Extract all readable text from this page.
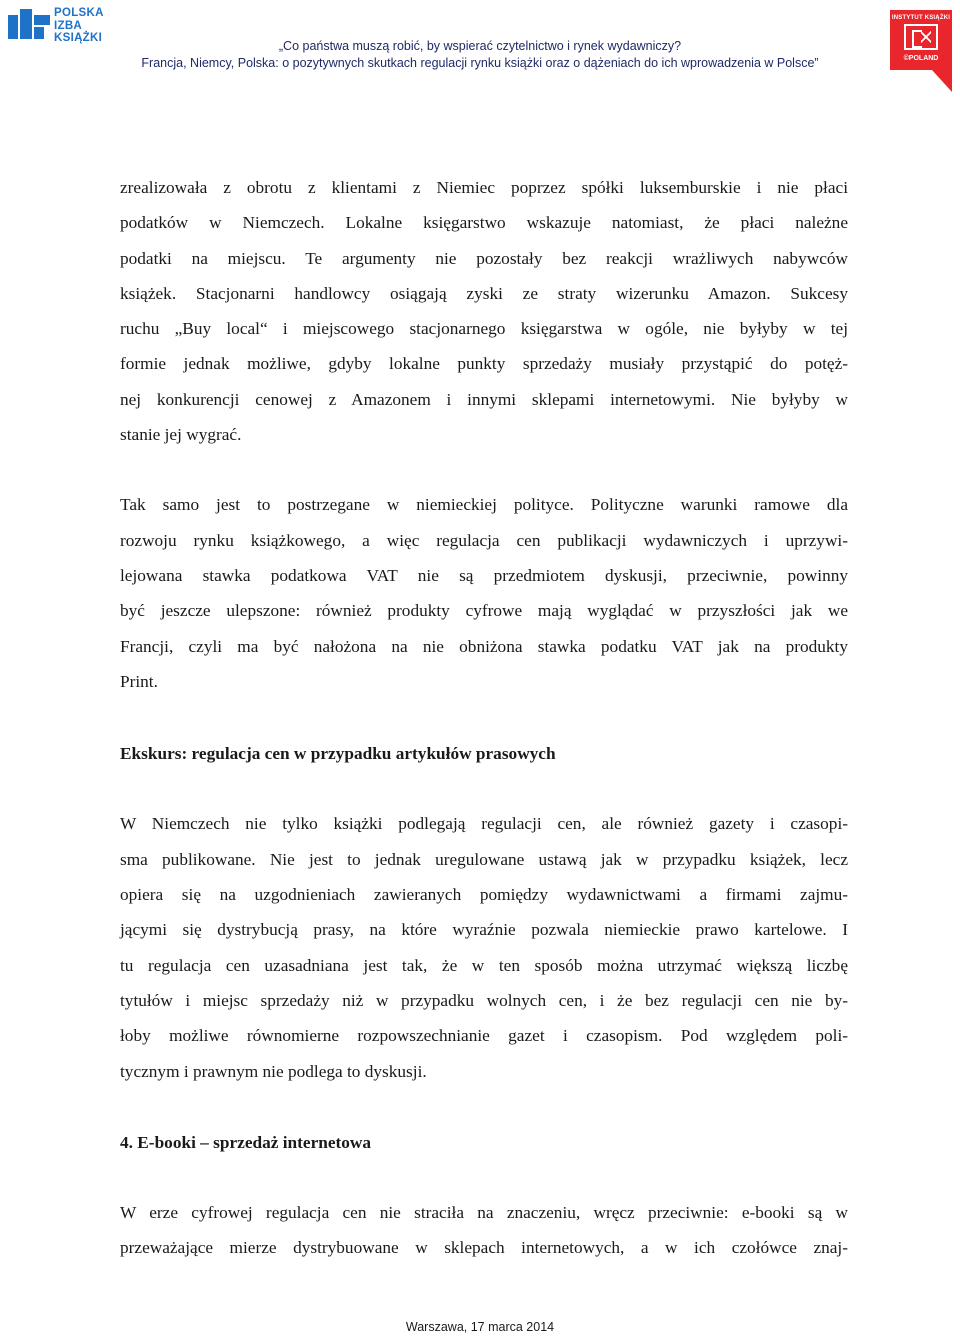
POLSKA
IZBA
KSIĄŻKI
„Co państwa muszą robić, by wspierać czytelnictwo i rynek wydawniczy?
Francja, Niemcy, Polska: o pozytywnych skutkach regulacji rynku książki oraz o dążeniach do ich wprowadzenia w Polsce”
INSTYTUT KSIĄŻKI
©POLAND

zrealizowała z obrotu z klientami z Niemiec poprzez spółki luksemburskie i nie płaci
podatków w Niemczech. Lokalne księgarstwo wskazuje natomiast, że płaci należne
podatki na miejscu. Te argumenty nie pozostały bez reakcji wrażliwych nabywców
książek. Stacjonarni handlowcy osiągają zyski ze straty wizerunku Amazon. Sukcesy
ruchu „Buy local“ i miejscowego stacjonarnego księgarstwa w ogóle, nie byłyby w tej
formie jednak możliwe, gdyby lokalne punkty sprzedaży musiały przystąpić do potęż-
nej konkurencji cenowej z Amazonem i innymi sklepami internetowymi. Nie byłyby w
stanie jej wygrać.

Tak samo jest to postrzegane w niemieckiej polityce. Polityczne warunki ramowe dla
rozwoju rynku książkowego, a więc regulacja cen publikacji wydawniczych i uprzywi-
lejowana stawka podatkowa VAT nie są przedmiotem dyskusji, przeciwnie, powinny
być jeszcze ulepszone: również produkty cyfrowe mają wyglądać w przyszłości jak we
Francji, czyli ma być nałożona na nie obniżona stawka podatku VAT jak na produkty
Print.

Ekskurs: regulacja cen w przypadku artykułów prasowych

W Niemczech nie tylko książki podlegają regulacji cen, ale również gazety i czasopi-
sma publikowane. Nie jest to jednak uregulowane ustawą jak w przypadku książek, lecz
opiera się na uzgodnieniach zawieranych pomiędzy wydawnictwami a firmami zajmu-
jącymi się dystrybucją prasy, na które wyraźnie pozwala niemieckie prawo kartelowe. I
tu regulacja cen uzasadniana jest tak, że w ten sposób można utrzymać większą liczbę
tytułów i miejsc sprzedaży niż w przypadku wolnych cen, i że bez regulacji cen nie by-
łoby możliwe równomierne rozpowszechnianie gazet i czasopism. Pod względem poli-
tycznym i prawnym nie podlega to dyskusji.

4. E-booki – sprzedaż internetowa

W erze cyfrowej regulacja cen nie straciła na znaczeniu, wręcz przeciwnie: e-booki są w
przeważające mierze dystrybuowane w sklepach internetowych, a w ich czołówce znaj-

Warszawa, 17 marca 2014
